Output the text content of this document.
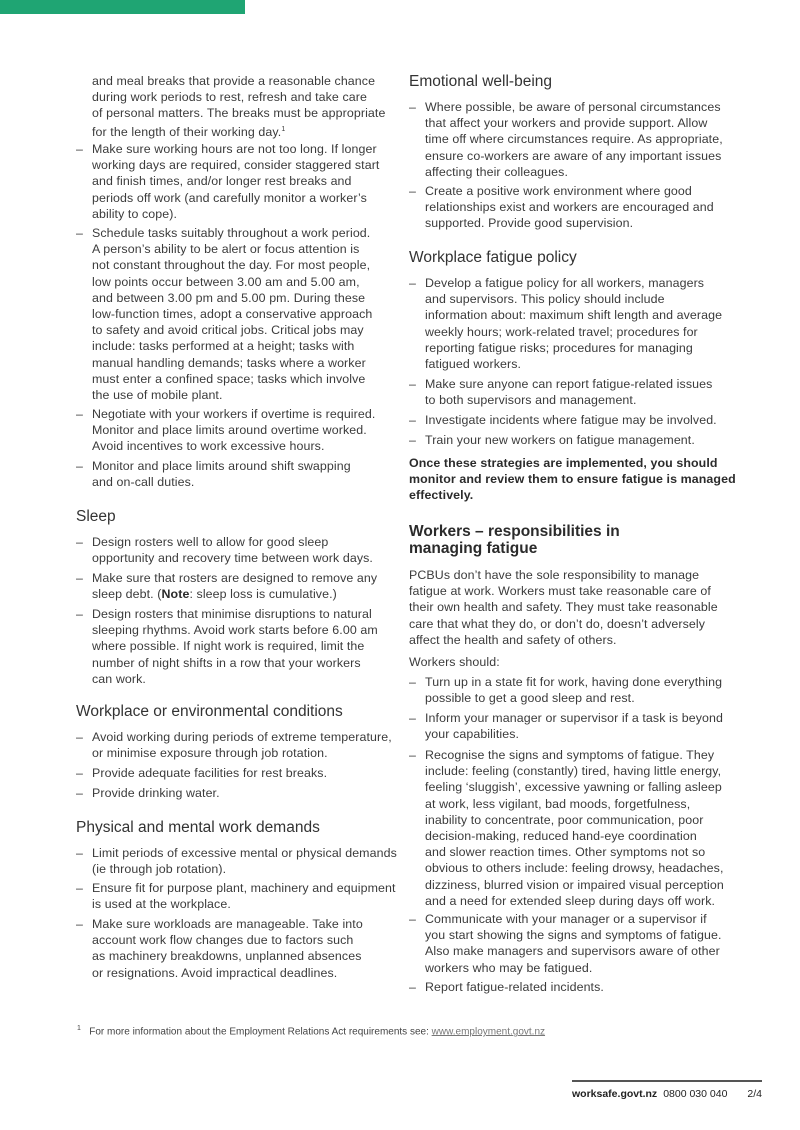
and meal breaks that provide a reasonable chance
during work periods to rest, refresh and take care
of personal matters. The breaks must be appropriate
for the length of their working day.$^1$
– Make sure working hours are not too long. If longer
working days are required, consider staggered start
and finish times, and/or longer rest breaks and
periods off work (and carefully monitor a worker’s
ability to cope).
– Schedule tasks suitably throughout a work period.
A person’s ability to be alert or focus attention is
not constant throughout the day. For most people,
low points occur between 3.00 am and 5.00 am,
and between 3.00 pm and 5.00 pm. During these
low-function times, adopt a conservative approach
to safety and avoid critical jobs. Critical jobs may
include: tasks performed at a height; tasks with
manual handling demands; tasks where a worker
must enter a confined space; tasks which involve
the use of mobile plant.
– Negotiate with your workers if overtime is required.
Monitor and place limits around overtime worked.
Avoid incentives to work excessive hours.
– Monitor and place limits around shift swapping
and on-call duties.
Sleep
– Design rosters well to allow for good sleep
opportunity and recovery time between work days.
– Make sure that rosters are designed to remove any
sleep debt. (Note: sleep loss is cumulative.)
– Design rosters that minimise disruptions to natural
sleeping rhythms. Avoid work starts before 6.00 am
where possible. If night work is required, limit the
number of night shifts in a row that your workers
can work.
Workplace or environmental conditions
– Avoid working during periods of extreme temperature,
or minimise exposure through job rotation.
– Provide adequate facilities for rest breaks.
– Provide drinking water.
Physical and mental work demands
– Limit periods of excessive mental or physical demands
(ie through job rotation).
– Ensure fit for purpose plant, machinery and equipment
is used at the workplace.
– Make sure workloads are manageable. Take into
account work flow changes due to factors such
as machinery breakdowns, unplanned absences
or resignations. Avoid impractical deadlines.
Emotional well-being
– Where possible, be aware of personal circumstances
that affect your workers and provide support. Allow
time off where circumstances require. As appropriate,
ensure co-workers are aware of any important issues
affecting their colleagues.
– Create a positive work environment where good
relationships exist and workers are encouraged and
supported. Provide good supervision.
Workplace fatigue policy
– Develop a fatigue policy for all workers, managers
and supervisors. This policy should include
information about: maximum shift length and average
weekly hours; work-related travel; procedures for
reporting fatigue risks; procedures for managing
fatigued workers.
– Make sure anyone can report fatigue-related issues
to both supervisors and management.
– Investigate incidents where fatigue may be involved.
– Train your new workers on fatigue management.
Once these strategies are implemented, you should
monitor and review them to ensure fatigue is managed
effectively.
Workers – responsibilities in
managing fatigue
PCBUs don’t have the sole responsibility to manage
fatigue at work. Workers must take reasonable care of
their own health and safety. They must take reasonable
care that what they do, or don’t do, doesn’t adversely
affect the health and safety of others.
Workers should:
– Turn up in a state fit for work, having done everything
possible to get a good sleep and rest.
– Inform your manager or supervisor if a task is beyond
your capabilities.
– Recognise the signs and symptoms of fatigue. They
include: feeling (constantly) tired, having little energy,
feeling ‘sluggish’, excessive yawning or falling asleep
at work, less vigilant, bad moods, forgetfulness,
inability to concentrate, poor communication, poor
decision-making, reduced hand-eye coordination
and slower reaction times. Other symptoms not so
obvious to others include: feeling drowsy, headaches,
dizziness, blurred vision or impaired visual perception
and a need for extended sleep during days off work.
– Communicate with your manager or a supervisor if
you start showing the signs and symptoms of fatigue.
Also make managers and supervisors aware of other
workers who may be fatigued.
– Report fatigue-related incidents.
$^1$ For more information about the Employment Relations Act requirements see: www.employment.govt.nz
worksafe.govt.nz 0800 030 040 2/4
